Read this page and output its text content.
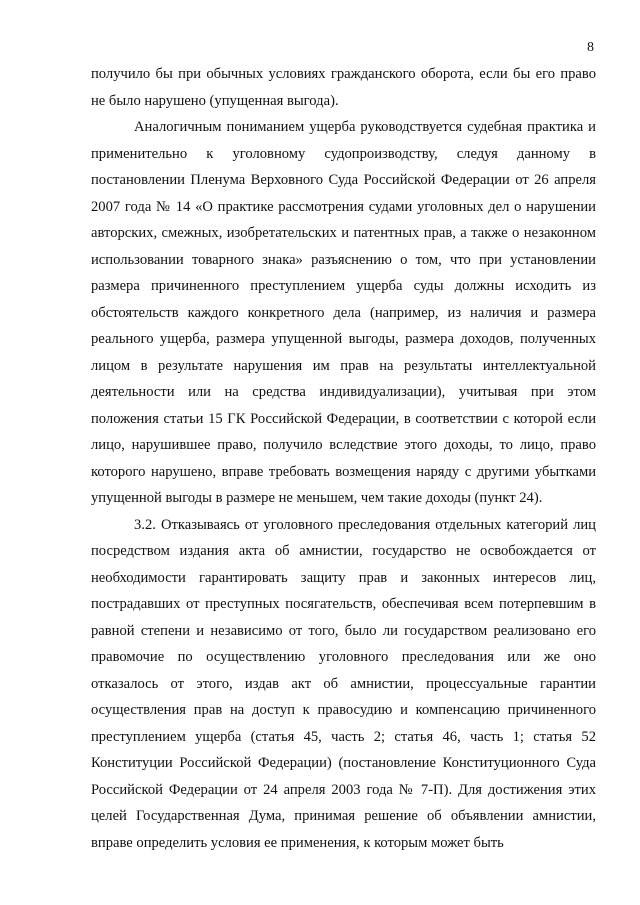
8

получило бы при обычных условиях гражданского оборота, если бы его право не было нарушено (упущенная выгода).

Аналогичным пониманием ущерба руководствуется судебная практика и применительно к уголовному судопроизводству, следуя данному в постановлении Пленума Верховного Суда Российской Федерации от 26 апреля 2007 года № 14 «О практике рассмотрения судами уголовных дел о нарушении авторских, смежных, изобретательских и патентных прав, а также о незаконном использовании товарного знака» разъяснению о том, что при установлении размера причиненного преступлением ущерба суды должны исходить из обстоятельств каждого конкретного дела (например, из наличия и размера реального ущерба, размера упущенной выгоды, размера доходов, полученных лицом в результате нарушения им прав на результаты интеллектуальной деятельности или на средства индивидуализации), учитывая при этом положения статьи 15 ГК Российской Федерации, в соответствии с которой если лицо, нарушившее право, получило вследствие этого доходы, то лицо, право которого нарушено, вправе требовать возмещения наряду с другими убытками упущенной выгоды в размере не меньшем, чем такие доходы (пункт 24).

3.2. Отказываясь от уголовного преследования отдельных категорий лиц посредством издания акта об амнистии, государство не освобождается от необходимости гарантировать защиту прав и законных интересов лиц, пострадавших от преступных посягательств, обеспечивая всем потерпевшим в равной степени и независимо от того, было ли государством реализовано его правомочие по осуществлению уголовного преследования или же оно отказалось от этого, издав акт об амнистии, процессуальные гарантии осуществления прав на доступ к правосудию и компенсацию причиненного преступлением ущерба (статья 45, часть 2; статья 46, часть 1; статья 52 Конституции Российской Федерации) (постановление Конституционного Суда Российской Федерации от 24 апреля 2003 года № 7-П). Для достижения этих целей Государственная Дума, принимая решение об объявлении амнистии, вправе определить условия ее применения, к которым может быть
